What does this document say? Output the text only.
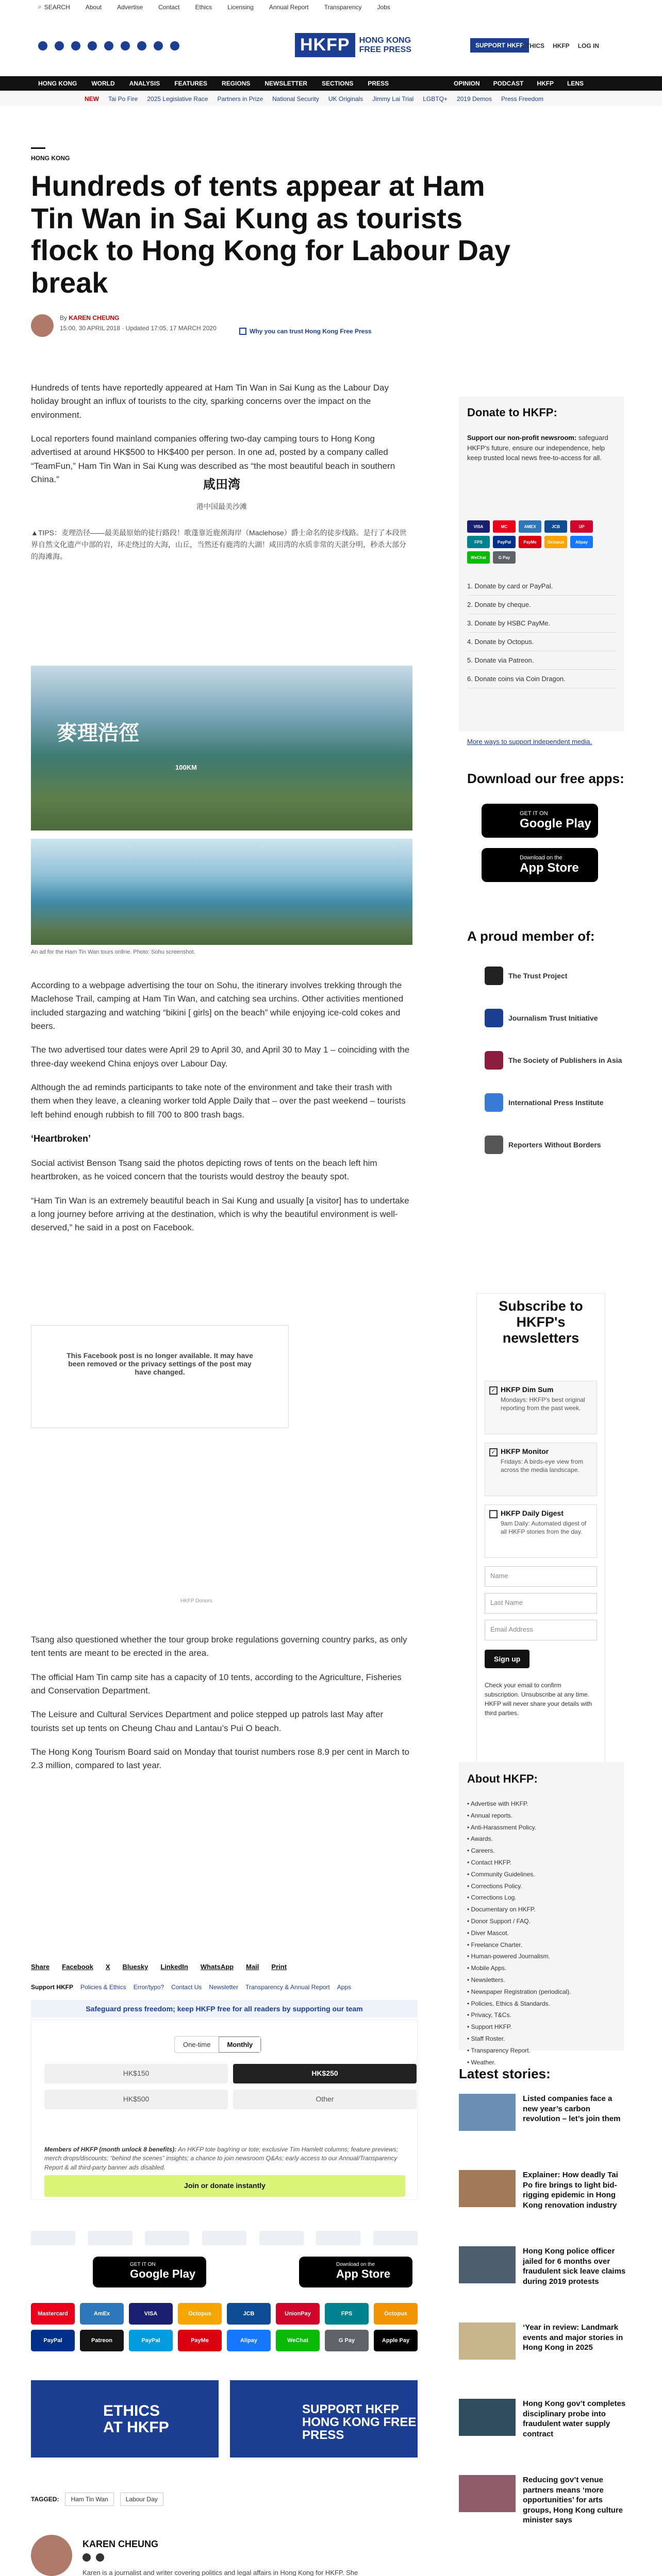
⌕ SEARCH	About	Advertise	Contact	Ethics	Licensing	Annual Report	Transparency	Jobs
HKFP	HONG KONG
FREE PRESS	SUPPORT HKFP
ETHICS HKFP LOG IN
HONG KONG WORLD ANALYSIS FEATURES REGIONS NEWSLETTER SECTIONS PRESS	OPINION PODCAST HKFP LENS
NEW Tai Po Fire 2025 Legislative Race Partners in Prize National Security UK Originals Jimmy Lai Trial LGBTQ+ 2019 Demos Press Freedom
HONG KONG
Hundreds of tents appear at Ham Tin Wan in Sai Kung as tourists flock to Hong Kong for Labour Day break
By KAREN CHEUNG
15:00, 30 APRIL 2018 · Updated 17:05, 17 MARCH 2020	Why you can trust Hong Kong Free Press

Hundreds of tents have reportedly appeared at Ham Tin Wan in Sai Kung as the Labour Day holiday brought an influx of tourists to the city, sparking concerns over the impact on the environment.

Local reporters found mainland companies offering two-day camping tours to Hong Kong advertised at around HK$500 to HK$400 per person. In one ad, posted by a company called “TeamFun,” Ham Tin Wan in Sai Kung was described as “the most beautiful beach in southern China.”	咸田湾
港中国最美沙滩
▲TIPS：麦理浩径——最美最原始的徒行路段！歌蓬靠近鹿颈海岸（Maclehose）爵士命名的徒步线路。是行了本段世界自然文化遗产中部的岩，环走绕过的大海，山丘，当然还有鹿湾的大湖！咸田湾的水质非常的天湛分明，秒杀大部分的海滩海。
麥理浩徑
100KM
An ad for the Ham Tin Wan tours online. Photo: Sohu screenshot.

According to a webpage advertising the tour on Sohu, the itinerary involves trekking through the Maclehose Trail, camping at Ham Tin Wan, and catching sea urchins. Other activities mentioned included stargazing and watching “bikini [ girls] on the beach” while enjoying ice-cold cokes and beers.

The two advertised tour dates were April 29 to April 30, and April 30 to May 1 – coinciding with the three-day weekend China enjoys over Labour Day.

Although the ad reminds participants to take note of the environment and take their trash with them when they leave, a cleaning worker told Apple Daily that – over the past weekend – tourists left behind enough rubbish to fill 700 to 800 trash bags.

‘Heartbroken’

Social activist Benson Tsang said the photos depicting rows of tents on the beach left him heartbroken, as he voiced concern that the tourists would destroy the beauty spot.

“Ham Tin Wan is an extremely beautiful beach in Sai Kung and usually [a visitor] has to undertake a long journey before arriving at the destination, which is why the beautiful environment is well-deserved,” he said in a post on Facebook.

This Facebook post is no longer available. It may have been removed or the privacy settings of the post may have changed.
HKFP Donors

Tsang also questioned whether the tour group broke regulations governing country parks, as only tent tents are meant to be erected in the area.

The official Ham Tin camp site has a capacity of 10 tents, according to the Agriculture, Fisheries and Conservation Department.

The Leisure and Cultural Services Department and police stepped up patrols last May after tourists set up tents on Cheung Chau and Lantau’s Pui O beach.

The Hong Kong Tourism Board said on Monday that tourist numbers rose 8.9 per cent in March to 2.3 million, compared to last year.

Share Facebook X Bluesky LinkedIn WhatsApp Mail Print
Support HKFP Policies & Ethics Error/typo? Contact Us Newsletter Transparency & Annual Report Apps
Safeguard press freedom; keep HKFP free for all readers by supporting our team
One-time	Monthly
HK$150	HK$250
HK$500	Other
Members of HKFP (month unlock 8 benefits): An HKFP tote bag/ring or tote; exclusive Tim Hamlett columns; feature previews; merch drops/discounts; “behind the scenes” insights; a chance to join newsroom Q&As; early access to our Annual/Transparency Report & all third-party banner ads disabled.
Join or donate instantly
GET IT ON
Google Play
Download on the
App Store
Mastercard	AmEx	VISA	Octopus	JCB	UnionPay	FPS	Octopus
PayPal	Patreon	PayPal	PayMe	Alipay	WeChat	G Pay	Apple Pay
ETHICS
AT HKFP
SUPPORT HKFP
HONG KONG FREE PRESS
TAGGED:	Ham Tin Wan	Labour Day
KAREN CHEUNG
Karen is a journalist and writer covering politics and legal affairs in Hong Kong for HKFP. She
Donate to HKFP:
Support our non-profit newsroom: safeguard HKFP's future, ensure our independence, help keep trusted local news free-to-access for all.
VISA	MC	AMEX	JCB	UP
FPS	PayPal	PayMe	Octopus	Alipay
WeChat	G Pay
1. Donate by card or PayPal.
2. Donate by cheque.
3. Donate by HSBC PayMe.
4. Donate by Octopus.
5. Donate via Patreon.
6. Donate coins via Coin Dragon.
More ways to support independent media.
Download our free apps:
GET IT ON
Google Play
Download on the
App Store
A proud member of:
The Trust Project
Journalism Trust Initiative
The Society of Publishers in Asia
International Press Institute
Reporters Without Borders
Subscribe to HKFP's newsletters
✓ HKFP Dim Sum
Mondays: HKFP's best original reporting from the past week.
✓ HKFP Monitor
Fridays: A birds-eye view from across the media landscape.
HKFP Daily Digest
9am Daily: Automated digest of all HKFP stories from the day.
Name
Last Name
Email Address
Sign up
Check your email to confirm subscription. Unsubscribe at any time. HKFP will never share your details with third parties.
About HKFP:
• Advertise with HKFP.
• Annual reports.
• Anti-Harassment Policy.
• Awards.
• Careers.
• Contact HKFP.
• Community Guidelines.
• Corrections Policy.
• Corrections Log.
• Documentary on HKFP.
• Donor Support / FAQ.
• Diver Mascot.
• Freelance Charter.
• Human-powered Journalism.
• Mobile Apps.
• Newsletters.
• Newspaper Registration (periodical).
• Policies, Ethics & Standards.
• Privacy, T&Cs.
• Support HKFP.
• Staff Roster.
• Transparency Report.
• Weather.
Latest stories:
Listed companies face a new year’s carbon revolution – let’s join them
Explainer: How deadly Tai Po fire brings to light bid-rigging epidemic in Hong Kong renovation industry
Hong Kong police officer jailed for 6 months over fraudulent sick leave claims during 2019 protests
‘Year in review: Landmark events and major stories in Hong Kong in 2025
Hong Kong gov’t completes disciplinary probe into fraudulent water supply contract
Reducing gov’t venue partners means ‘more opportunities’ for arts groups, Hong Kong culture minister says
